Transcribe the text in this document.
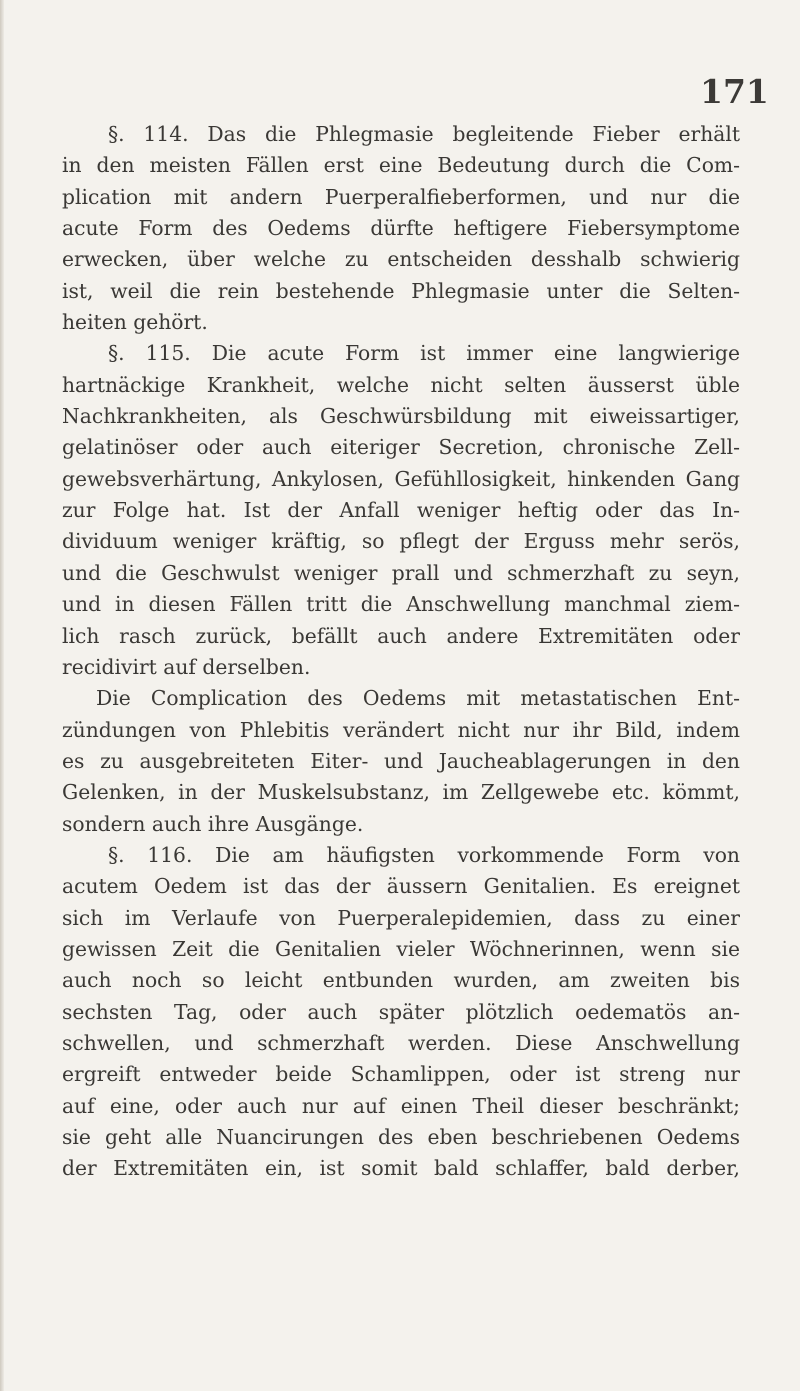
171
§. 114. Das die Phlegmasie begleitende Fieber erhält
in den meisten Fällen erst eine Bedeutung durch die Com-
plication mit andern Puerperalfieberformen, und nur die
acute Form des Oedems dürfte heftigere Fiebersymptome
erwecken, über welche zu entscheiden desshalb schwierig
ist, weil die rein bestehende Phlegmasie unter die Selten-
heiten gehört.
§. 115. Die acute Form ist immer eine langwierige
hartnäckige Krankheit, welche nicht selten äusserst üble
Nachkrankheiten, als Geschwürsbildung mit eiweissartiger,
gelatinöser oder auch eiteriger Secretion, chronische Zell-
gewebsverhärtung, Ankylosen, Gefühllosigkeit, hinkenden Gang
zur Folge hat. Ist der Anfall weniger heftig oder das In-
dividuum weniger kräftig, so pflegt der Erguss mehr serös,
und die Geschwulst weniger prall und schmerzhaft zu seyn,
und in diesen Fällen tritt die Anschwellung manchmal ziem-
lich rasch zurück, befällt auch andere Extremitäten oder
recidivirt auf derselben.
Die Complication des Oedems mit metastatischen Ent-
zündungen von Phlebitis verändert nicht nur ihr Bild, indem
es zu ausgebreiteten Eiter- und Jaucheablagerungen in den
Gelenken, in der Muskelsubstanz, im Zellgewebe etc. kömmt,
sondern auch ihre Ausgänge.
§. 116. Die am häufigsten vorkommende Form von
acutem Oedem ist das der äussern Genitalien. Es ereignet
sich im Verlaufe von Puerperalepidemien, dass zu einer
gewissen Zeit die Genitalien vieler Wöchnerinnen, wenn sie
auch noch so leicht entbunden wurden, am zweiten bis
sechsten Tag, oder auch später plötzlich oedematös an-
schwellen, und schmerzhaft werden. Diese Anschwellung
ergreift entweder beide Schamlippen, oder ist streng nur
auf eine, oder auch nur auf einen Theil dieser beschränkt;
sie geht alle Nuancirungen des eben beschriebenen Oedems
der Extremitäten ein, ist somit bald schlaffer, bald derber,
